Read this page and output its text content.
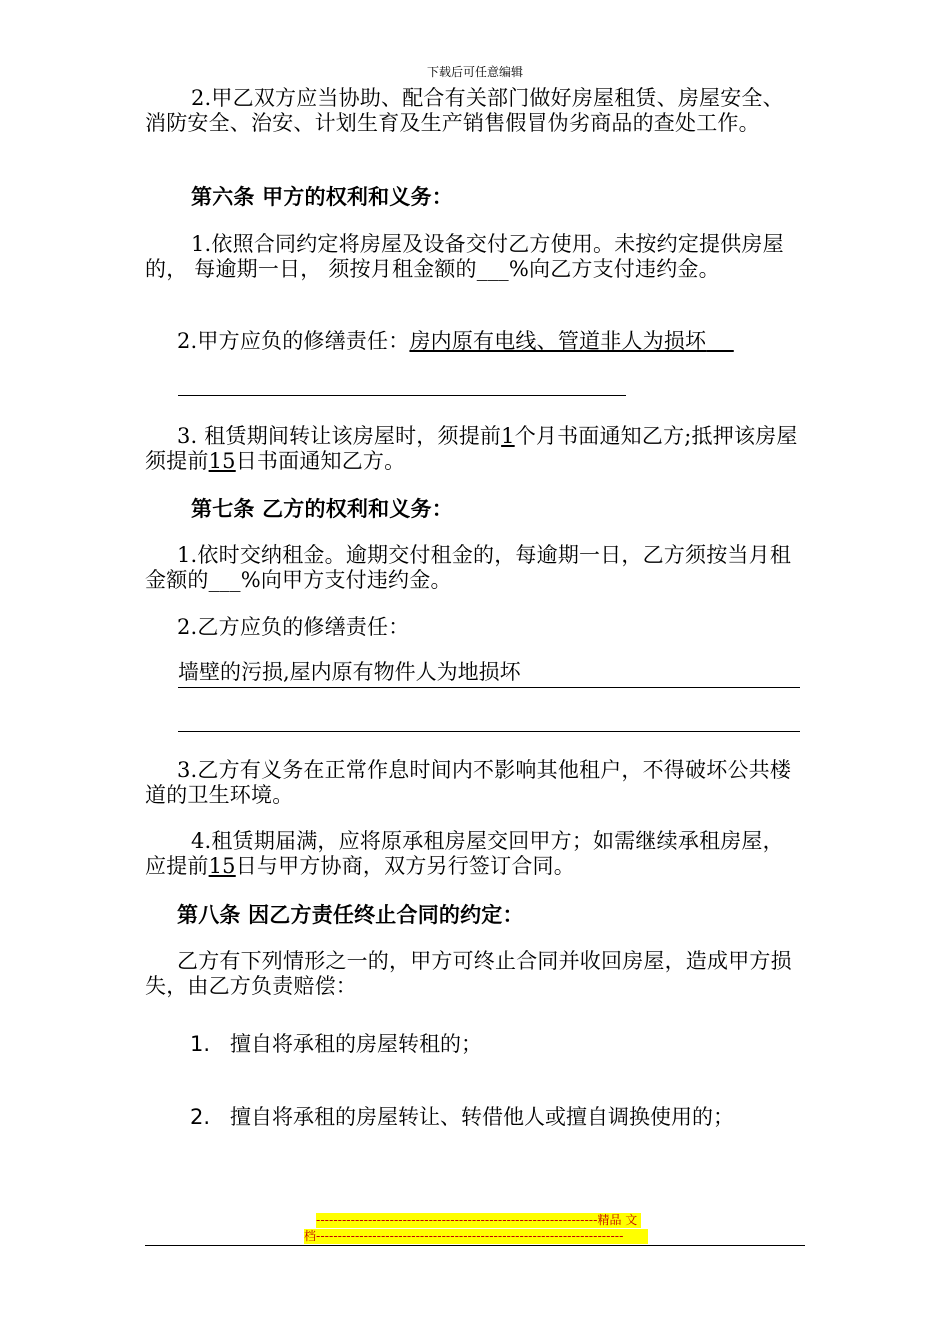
下载后可任意编辑

2.甲乙双方应当协助、配合有关部门做好房屋租赁、房屋安全、消防安全、治安、计划生育及生产销售假冒伪劣商品的查处工作。

第六条 甲方的权利和义务：

1.依照合同约定将房屋及设备交付乙方使用。未按约定提供房屋的， 每逾期一日， 须按月租金额的___%向乙方支付违约金。

2.甲方应负的修缮责任：房内原有电线、管道非人为损坏

3. 租赁期间转让该房屋时，须提前1个月书面通知乙方;抵押该房屋须提前15日书面通知乙方。

第七条 乙方的权利和义务：

1.依时交纳租金。逾期交付租金的，每逾期一日，乙方须按当月租金额的___%向甲方支付违约金。

2.乙方应负的修缮责任：

墙壁的污损,屋内原有物件人为地损坏

3.乙方有义务在正常作息时间内不影响其他租户，不得破坏公共楼道的卫生环境。

4.租赁期届满，应将原承租房屋交回甲方；如需继续承租房屋，应提前15日与甲方协商，双方另行签订合同。

第八条 因乙方责任终止合同的约定：

乙方有下列情形之一的，甲方可终止合同并收回房屋，造成甲方损失，由乙方负责赔偿：

1. 擅自将承租的房屋转租的；
2. 擅自将承租的房屋转让、转借他人或擅自调换使用的；
-----------------------------------------------------------------精品 文
档-----------------------------------------------------------------------
